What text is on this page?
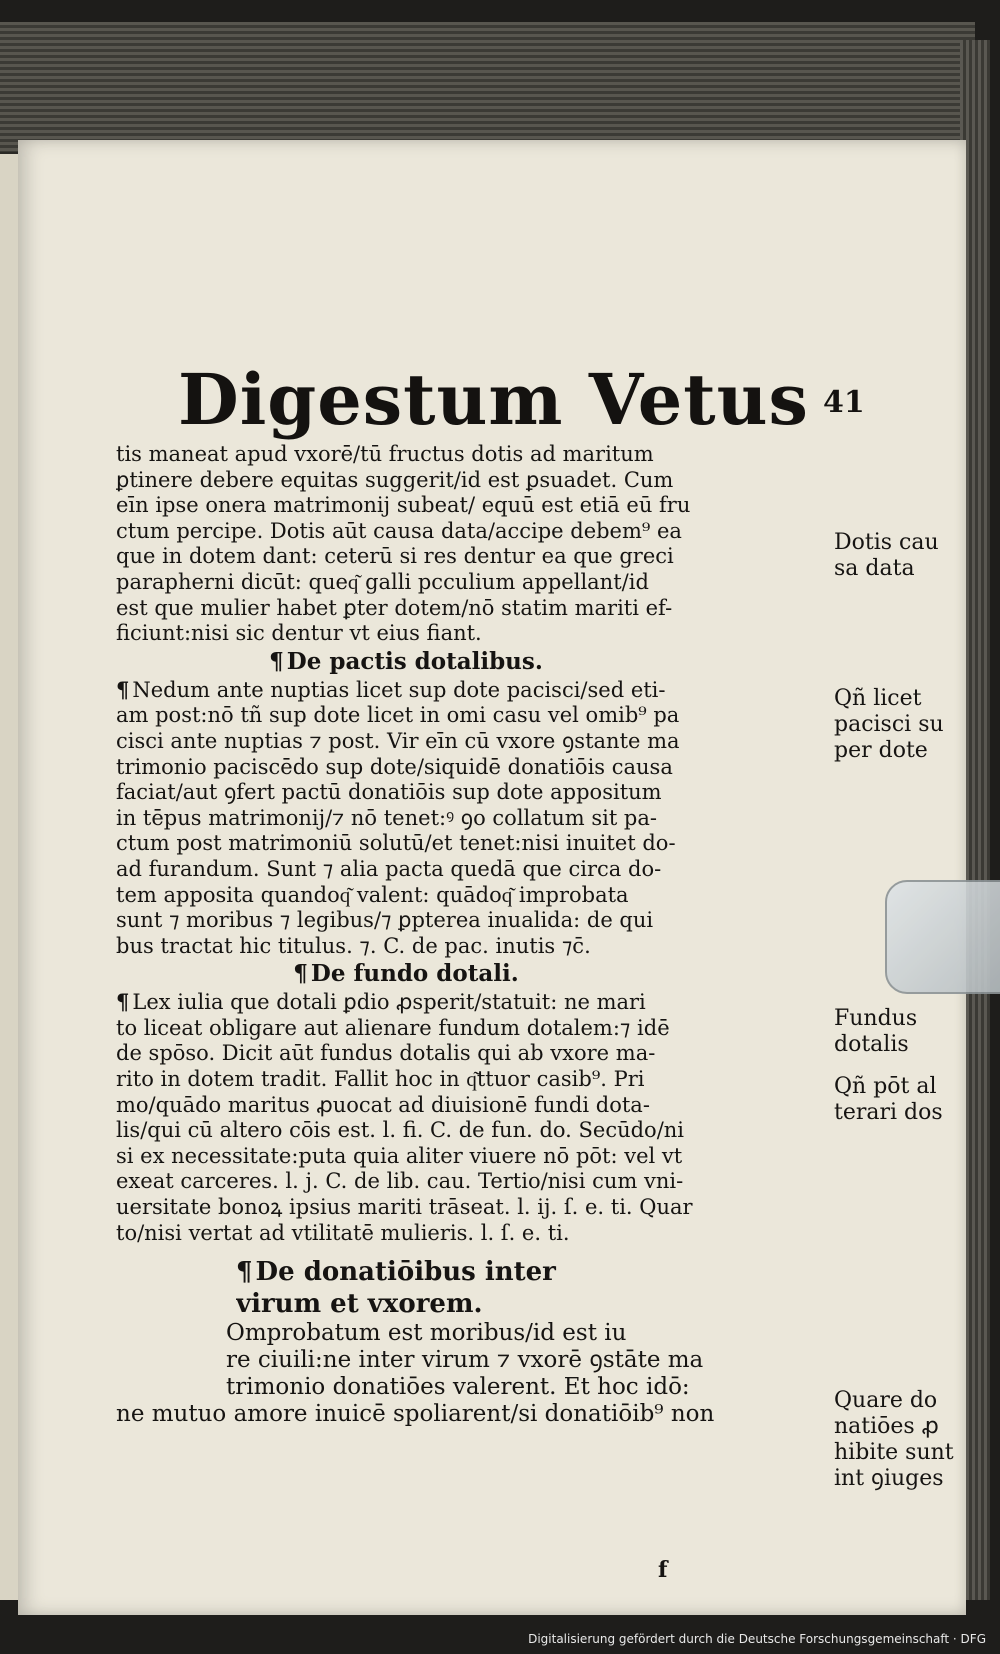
Digestum Vetus 41

tis maneat apud vxorē/tū fructus dotis ad maritum
ꝑtinere debere equitas suggerit/id est ꝑsuadet. Cum
eīn ipse onera matrimonij subeat/ equū est etiā eū fru
ctum percipe. Dotis aūt causa data/accipe debem⁹ ea
que in dotem dant: ceterū si res dentur ea que greci
parapherni dicūt: queq͂ galli pcculium appellant/id
est que mulier habet ꝑter dotem/nō statim mariti ef-
ficiunt:nisi sic dentur vt eius fiant.

¶ De pactis dotalibus.

¶ Nedum ante nuptias licet sup dote pacisci/sed eti-
am post:nō tñ sup dote licet in omi casu vel omib⁹ pa
cisci ante nuptias ⁊ post. Vir eīn cū vxore ꝯstante ma
trimonio paciscēdo sup dote/siquidē donatiōis causa
faciat/aut ꝯfert pactū donatiōis sup dote appositum
in tēpus matrimonij/⁊ nō tenet:ꝰ ꝯo collatum sit pa-
ctum post matrimoniū solutū/et tenet:nisi inuitet d̄o-
ad furandum. Sunt ⁊ alia pacta quedā que circa do-
tem apposita quandoq͂ valent: quādoq͂ improbata
sunt ⁊ moribus ⁊ legibus/⁊ ꝑpterea inualida: de qui
bus tractat hic titulus. ⁊. C. de pac. inutis ⁊c̄.

¶ De fundo dotali.

¶ Lex iulia que dotali ꝑdio ꝓsperit/statuit: ne mari
to liceat obligare aut alienare fundum dotalem:⁊ idē
de spōso. Dicit aūt fundus dotalis qui ab vxore ma-
rito in dotem tradit. Fallit hoc in q͂ttuor casib⁹. Pri
mo/quādo maritus ꝓuocat ad diuisionē fundi dota-
lis/qui cū altero cōis est. l. fi. C. de fun. do. Secūdo/ni
si ex necessitate:puta quia aliter viuere nō pōt: vel vt
exeat carceres. l. j. C. de lib. cau. Tertio/nisi cum vni-
uersitate bonoꝝ ipsius mariti trāseat. l. ij. ſ. e. ti. Quar
to/nisi vertat ad vtilitatē mulieris. l. ſ. e. ti.

¶ De donatiōibus inter
virum et vxorem.

Omprobatum est moribus/id est iu
re ciuili:ne inter virum ⁊ vxorē ꝯstāte ma
trimonio donatiōes valerent. Et hoc idō:
ne mutuo amore inuicē spoliarent/si donatiōib⁹ non

Dotis cau
sa data
Qñ licet
pacisci su
per dote
Fundus
dotalis
Qñ pōt al
terari dos
Quare do
natiōes ꝓ
hibite sunt
int̄ ꝯiuges
f
Digitalisierung gefördert durch die Deutsche Forschungsgemeinschaft · DFG
